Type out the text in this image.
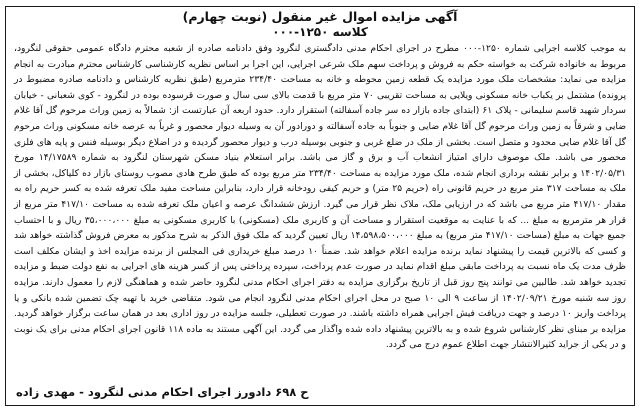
آگهی مزایده اموال غیر منقول (نوبت چهارم)

کلاسه ۱۲۵۰-۰۰۰

به موجب کلاسه اجرایی شماره ۱۲۵۰-۰۰۰ مطرح در اجرای احکام مدنی دادگستری لنگرود وفق دادنامه صادره از شعبه محترم دادگاه عمومی حقوقی لنگرود، مربوط به خانواده شرکت به خواسته حکم به فروش و پرداخت سهم ملک شرعی اجرایی، این اجرا بر اساس نظریه کارشناسی کارشناس محترم مبادرت به انجام مزایده می نماید: مشخصات ملک مورد مزایده یک قطعه زمین محوطه و خانه به مساحت ۲۳۴/۴۰ مترمربع (طبق نظریه کارشناس و دادنامه صادره مضبوط در پرونده) مشتمل بر یکباب خانه مسکونی ویلایی به مساحت تقریبی ۷۰ متر مربع با قدمت بالای سی سال و صورت قرسوده بوده در لنگرود - کوی شعبانی - خیابان سردار شهید قاسم سلیمانی - پلاک ۶۱ (ابتدای جاده بازار ده سر جاده آسفالته) استقرار دارد. حدود اربعه آن عبارتست از: شمالاً به زمین وراث مرحوم گل آقا غلام ضایی و شرقاً به زمین وراث مرحوم گل آقا غلام ضایی و جنوباً به جاده آسفالته و دورادور آن به وسیله دیوار محصور و غرباً به عرصه خانه مسکونی وراث مرحوم گل آقا غلام ضایی محدود و متصل است. بخشی از ملک در ضلع غربی و جنوبی بوسیله درب و دیوار محصور گردیده و در اضلاع دیگر بوسیله فنس و پایه های فلزی محصور می باشد. ملک موصوف دارای امتیاز انشعاب آب و برق و گاز می باشد. برابر استعلام بنیاد مسکن شهرستان لنگرود به شماره ۱۴/۱۷۵۸۹ مورخ ۱۴۰۲/۰۵/۳۱ و برابر نقشه برداری انجام شده، ملک مورد مزایده به مساحت ۲۳۴/۴۰ متر مربع بوده که طبق طرح هادی مصوب روستای بازار ده کلیاکل، بخشی از ملک به مساحت ۳۱۷ متر مربع در حریم قانونی راه (حریم ۲۵ متر) و حریم کیفی رودخانه قرار دارد، بنابراین مساحت مفید ملک تعرفه شده به کسر حریم راه به مقدار ۴۱۷/۱۰ متر مربع می باشد که در ارزیابی ملک، ملاک نظر قرار می گیرد. ارزش ششدانگ عرصه و اعیان ملک تعرفه شده به مساحت ۴۱۷/۱۰ متر مربع از قرار هر مترمربع به مبلغ ... که با عنایت به موقعیت استقرار و مساحت آن و کاربری ملک (مسکونی) با کاربری مسکونی به مبلغ ۳۵،۰۰۰،۰۰۰ ریال و با احتساب جمیع جهات به مبلغ (مساحت ۴۱۷/۱۰ متر مربع) به مبلغ ۱۴،۵۹۸،۵۰۰،۰۰۰ ریال تعیین گردید که ملک فوق الذکر به شرح مذکور به معرض فروش گذاشته خواهد شد و کسی که بالاترین قیمت را پیشنهاد نماید برنده مزایده اعلام خواهد شد. ضمناً ۱۰ درصد مبلغ خریداری فی المجلس از برنده مزایده اخذ و ایشان مکلف است ظرف مدت یک ماه نسبت به پرداخت مابقی مبلغ اقدام نماید در صورت عدم پرداخت، سپرده پرداختی پس از کسر هزینه های اجرایی به نفع دولت ضبط و مزایده تجدید خواهد شد. طالبین می توانند پنج روز قبل از تاریخ برگزاری مزایده به دفتر اجرای احکام مدنی لنگرود حاضر شده و هماهنگی لازم را معمول دارند. مزایده روز سه شنبه مورخ ۱۴۰۲/۰۹/۲۱ از ساعت ۹ الی ۱۰ صبح در محل اجرای احکام مدنی لنگرود انجام می شود. متقاضی خرید با تهیه چک تضمین شده بانکی و یا پرداخت واریز ۱۰ درصد و جهت دریافت فیش اجرایی همراه داشته باشند. در صورت تعطیلی، جلسه مزایده در روز اداری بعد در همان ساعت برگزار خواهد گردید. مزایده بر مبنای نظر کارشناس شروع شده و به بالاترین پیشنهاد داده شده واگذار می گردد. این آگهی مستند به ماده ۱۱۸ قانون اجرای احکام مدنی برای یک نوبت و در یکی از جراید کثیرالانتشار جهت اطلاع عموم درج می گردد.

ح ۶۹۸ دادورز اجرای احکام مدنی لنگرود - مهدی زاده
